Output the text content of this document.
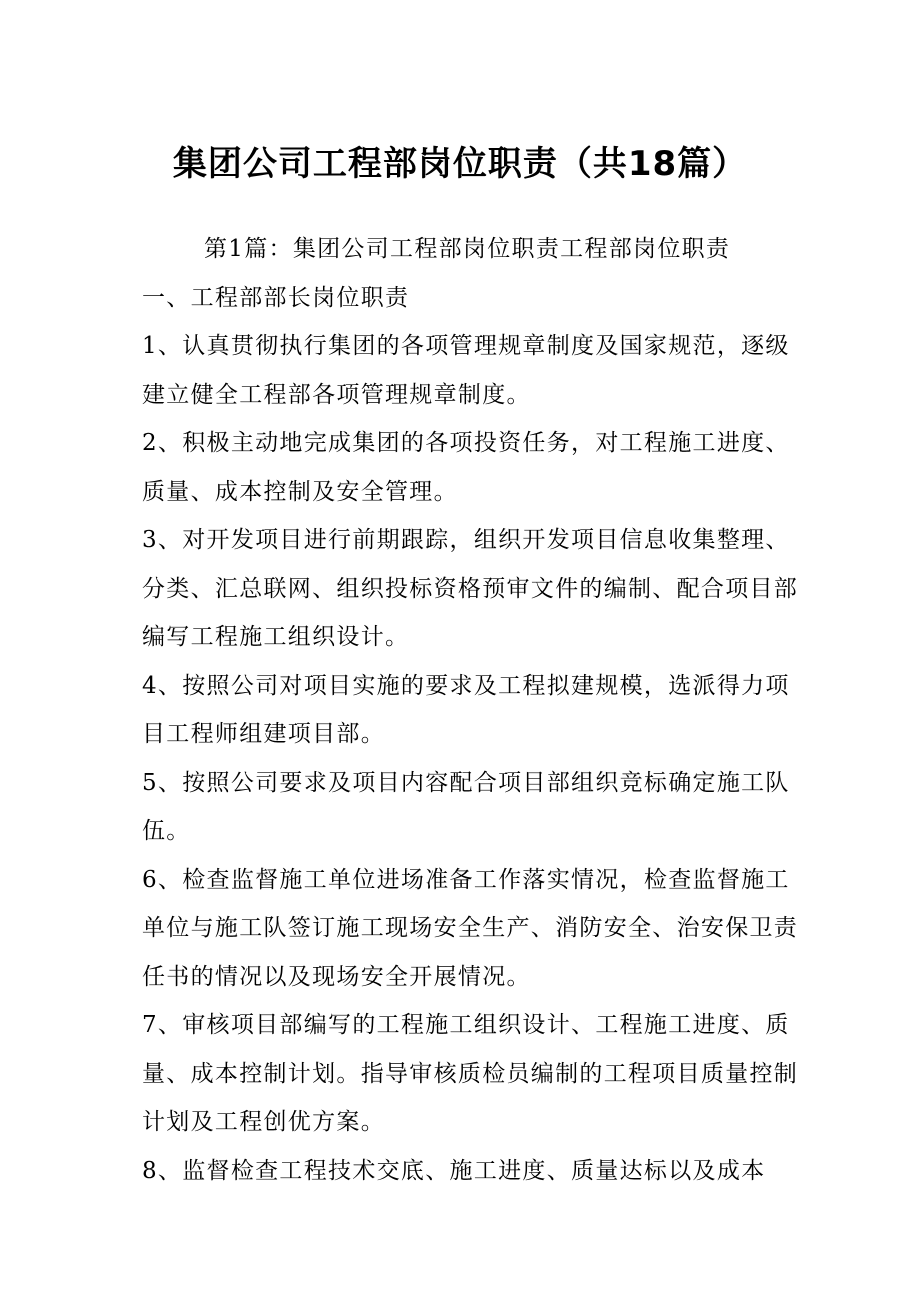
集团公司工程部岗位职责（共18篇）

第1篇：集团公司工程部岗位职责工程部岗位职责

一、工程部部长岗位职责

1、认真贯彻执行集团的各项管理规章制度及国家规范，逐级建立健全工程部各项管理规章制度。

2、积极主动地完成集团的各项投资任务，对工程施工进度、质量、成本控制及安全管理。

3、对开发项目进行前期跟踪，组织开发项目信息收集整理、分类、汇总联网、组织投标资格预审文件的编制、配合项目部编写工程施工组织设计。

4、按照公司对项目实施的要求及工程拟建规模，选派得力项目工程师组建项目部。

5、按照公司要求及项目内容配合项目部组织竞标确定施工队伍。

6、检查监督施工单位进场准备工作落实情况，检查监督施工单位与施工队签订施工现场安全生产、消防安全、治安保卫责任书的情况以及现场安全开展情况。

7、审核项目部编写的工程施工组织设计、工程施工进度、质量、成本控制计划。指导审核质检员编制的工程项目质量控制计划及工程创优方案。

8、监督检查工程技术交底、施工进度、质量达标以及成本
